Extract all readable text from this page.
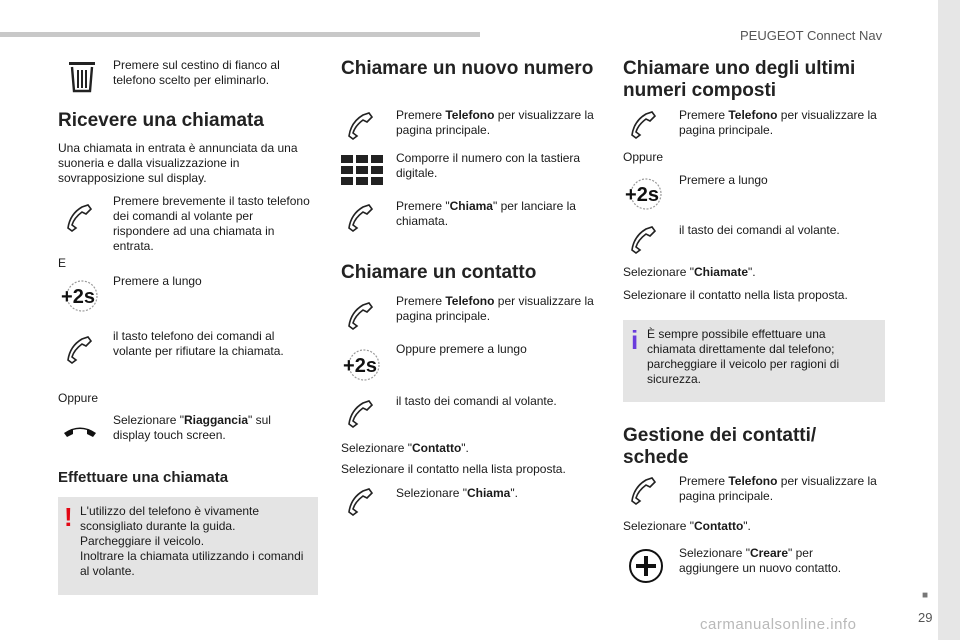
PEUGEOT Connect Nav
■
29
carmanualsonline.info
Premere sul cestino di fianco al telefono scelto per eliminarlo.
Ricevere una chiamata
Una chiamata in entrata è annunciata da una suoneria e dalla visualizzazione in sovrapposizione sul display.
Premere brevemente il tasto telefono dei comandi al volante per rispondere ad una chiamata in entrata.
E
+2s
Premere a lungo
il tasto telefono dei comandi al volante per rifiutare la chiamata.
Oppure
Selezionare "Riaggancia" sul display touch screen.
Effettuare una chiamata
! L'utilizzo del telefono è vivamente sconsigliato durante la guida.
Parcheggiare il veicolo.
Inoltrare la chiamata utilizzando i comandi al volante.
Chiamare un nuovo numero
Premere Telefono per visualizzare la pagina principale.
Comporre il numero con la tastiera digitale.
Premere "Chiama" per lanciare la chiamata.
Chiamare un contatto
Premere Telefono per visualizzare la pagina principale.
+2s
Oppure premere a lungo
il tasto dei comandi al volante.
Selezionare "Contatto".
Selezionare il contatto nella lista proposta.
Selezionare "Chiama".
Chiamare uno degli ultimi numeri composti
Premere Telefono per visualizzare la pagina principale.
Oppure
+2s
Premere a lungo
il tasto dei comandi al volante.
Selezionare "Chiamate".
Selezionare il contatto nella lista proposta.
i È sempre possibile effettuare una chiamata direttamente dal telefono; parcheggiare il veicolo per ragioni di sicurezza.
Gestione dei contatti/ schede
Premere Telefono per visualizzare la pagina principale.
Selezionare "Contatto".
Selezionare "Creare" per aggiungere un nuovo contatto.
